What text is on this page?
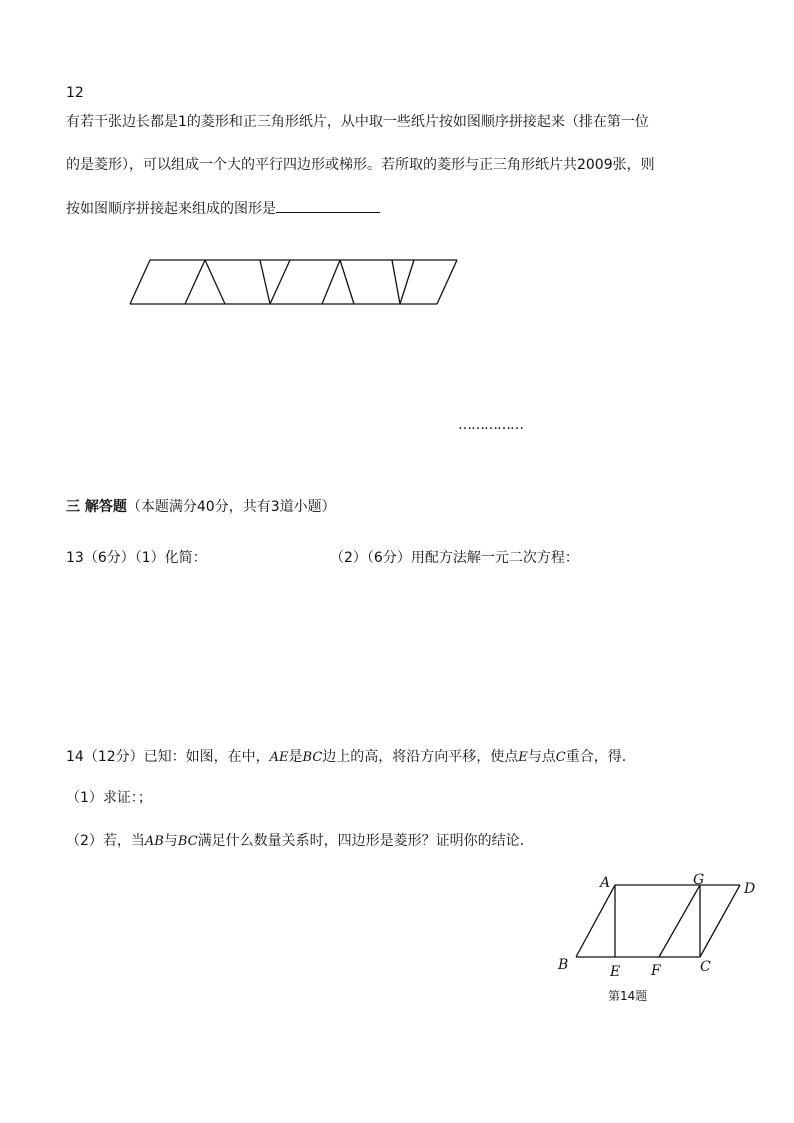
12
有若干张边长都是1的菱形和正三角形纸片，从中取一些纸片按如图顺序拼接起来（排在第一位
的是菱形），可以组成一个大的平行四边形或梯形。若所取的菱形与正三角形纸片共2009张，则
按如图顺序拼接起来组成的图形是
……………
三 解答题（本题满分40分，共有3道小题）
13（6分）（1）化简：	（2）（6分）用配方法解一元二次方程：
14（12分）已知：如图，在中，AE是BC边上的高，将沿方向平移，使点E与点C重合，得.
（1）求证：；
（2）若，当AB与BC满足什么数量关系时，四边形是菱形？证明你的结论.
A	G
D
B	E F	C
第14题
